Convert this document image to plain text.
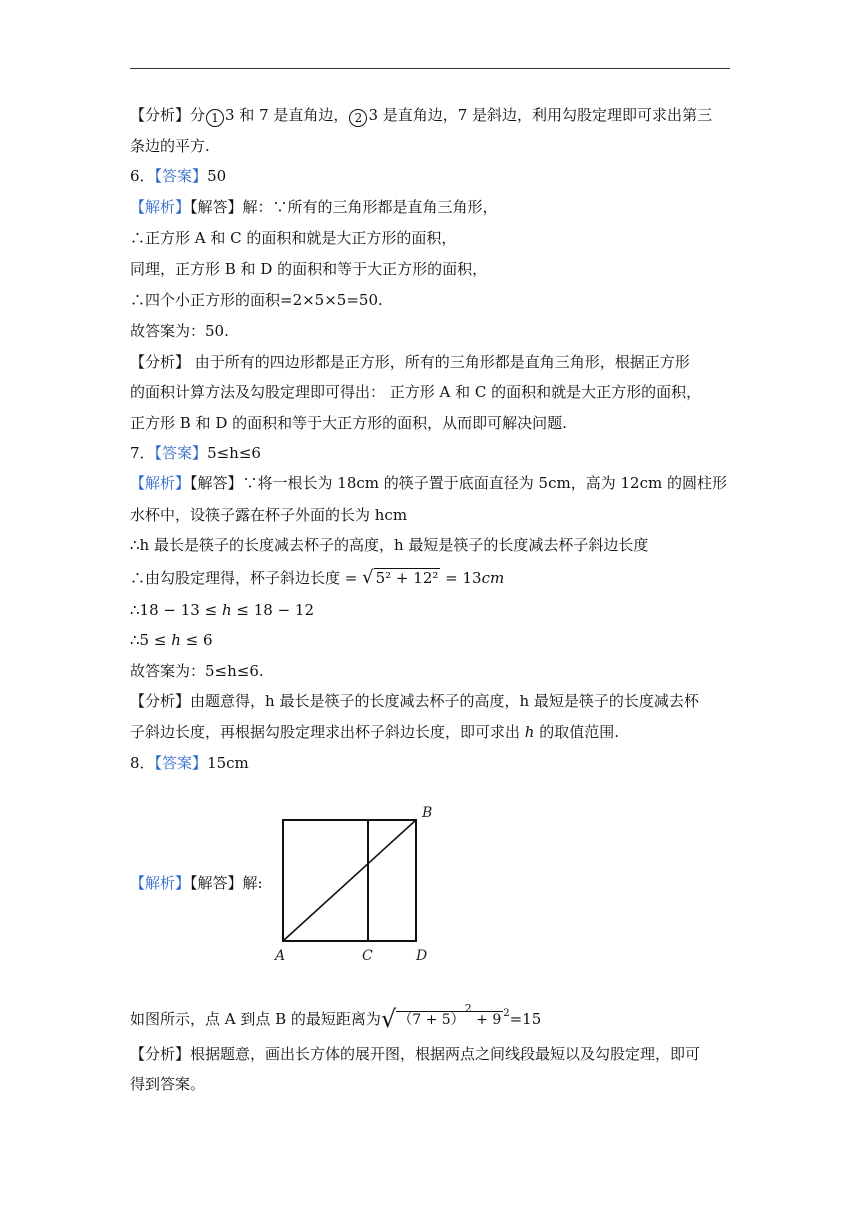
【分析】分 1 3 和 7 是直角边， 2 3 是直角边，7 是斜边，利用勾股定理即可求出第三
条边的平方.
6．【答案】50
【解析】【解答】解：∵所有的三角形都是直角三角形，
∴正方形 A 和 C 的面积和就是大正方形的面积，
同理，正方形 B 和 D 的面积和等于大正方形的面积，
∴四个小正方形的面积=2×5×5=50.
故答案为：50.
【分析】 由于所有的四边形都是正方形，所有的三角形都是直角三角形，根据正方形
的面积计算方法及勾股定理即可得出： 正方形 A 和 C 的面积和就是大正方形的面积，
正方形 B 和 D 的面积和等于大正方形的面积，从而即可解决问题.
7．【答案】5≤h≤6
【解析】【解答】∵将一根长为 18cm 的筷子置于底面直径为 5cm，高为 12cm 的圆柱形
水杯中，设筷子露在杯子外面的长为 hcm
∴h 最长是筷子的长度减去杯子的高度，h 最短是筷子的长度减去杯子斜边长度
∴由勾股定理得，杯子斜边长度 = √ 5² + 12² = 13cm
∴18 − 13 ≤ h ≤ 18 − 12
∴5 ≤ h ≤ 6
故答案为：5≤h≤6.
【分析】由题意得，h 最长是筷子的长度减去杯子的高度，h 最短是筷子的长度减去杯
子斜边长度，再根据勾股定理求出杯子斜边长度，即可求出 h 的取值范围.
8．【答案】15cm
【解析】【解答】解:
B
A	C	D
如图所示，点 A 到点 B 的最短距离为√ $(7 + 5)^2 + 9$ $^2$=15
【分析】根据题意，画出长方体的展开图，根据两点之间线段最短以及勾股定理，即可
得到答案。
